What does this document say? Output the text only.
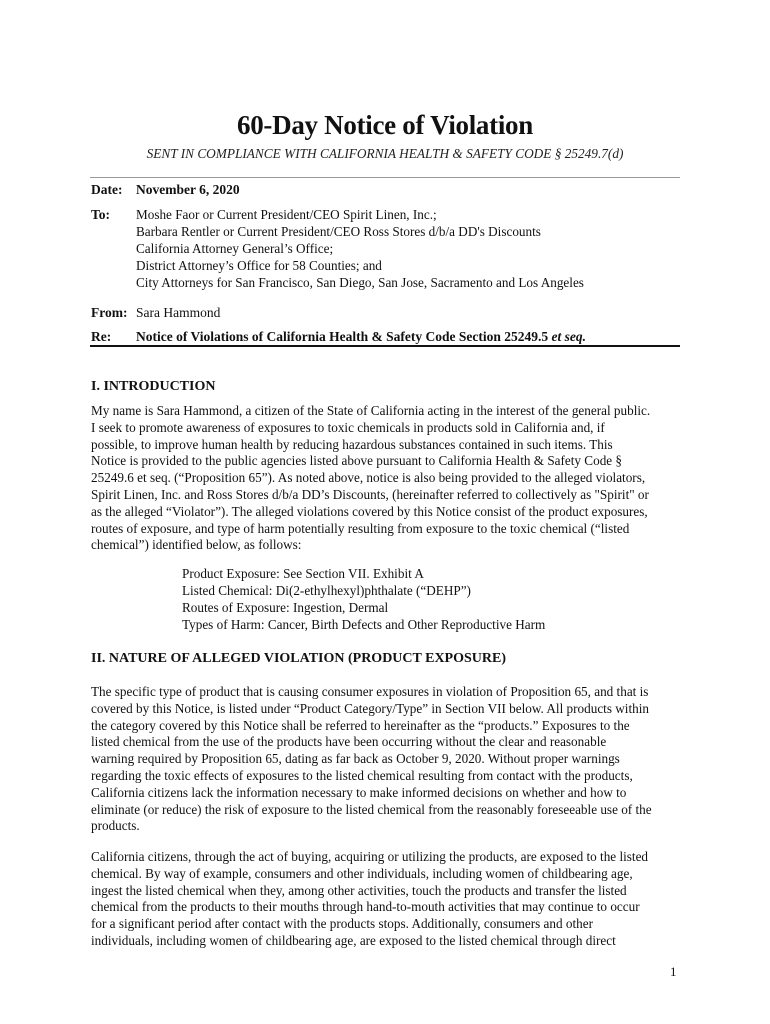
60-Day Notice of Violation
SENT IN COMPLIANCE WITH CALIFORNIA HEALTH & SAFETY CODE § 25249.7(d)
Date:	November 6, 2020
To:	Moshe Faor or Current President/CEO Spirit Linen, Inc.;
Barbara Rentler or Current President/CEO Ross Stores d/b/a DD's Discounts
California Attorney General’s Office;
District Attorney’s Office for 58 Counties; and
City Attorneys for San Francisco, San Diego, San Jose, Sacramento and Los Angeles
From: Sara Hammond
Re:	Notice of Violations of California Health & Safety Code Section 25249.5 et seq.
I. INTRODUCTION
My name is Sara Hammond, a citizen of the State of California acting in the interest of the general public.
I seek to promote awareness of exposures to toxic chemicals in products sold in California and, if
possible, to improve human health by reducing hazardous substances contained in such items. This
Notice is provided to the public agencies listed above pursuant to California Health & Safety Code §
25249.6 et seq. (“Proposition 65”). As noted above, notice is also being provided to the alleged violators,
Spirit Linen, Inc. and Ross Stores d/b/a DD’s Discounts, (hereinafter referred to collectively as "Spirit" or
as the alleged “Violator”). The alleged violations covered by this Notice consist of the product exposures,
routes of exposure, and type of harm potentially resulting from exposure to the toxic chemical (“listed
chemical”) identified below, as follows:
Product Exposure: See Section VII. Exhibit A
Listed Chemical: Di(2-ethylhexyl)phthalate (“DEHP”)
Routes of Exposure: Ingestion, Dermal
Types of Harm: Cancer, Birth Defects and Other Reproductive Harm
II. NATURE OF ALLEGED VIOLATION (PRODUCT EXPOSURE)
The specific type of product that is causing consumer exposures in violation of Proposition 65, and that is
covered by this Notice, is listed under “Product Category/Type” in Section VII below. All products within
the category covered by this Notice shall be referred to hereinafter as the “products.” Exposures to the
listed chemical from the use of the products have been occurring without the clear and reasonable
warning required by Proposition 65, dating as far back as October 9, 2020. Without proper warnings
regarding the toxic effects of exposures to the listed chemical resulting from contact with the products,
California citizens lack the information necessary to make informed decisions on whether and how to
eliminate (or reduce) the risk of exposure to the listed chemical from the reasonably foreseeable use of the
products.
California citizens, through the act of buying, acquiring or utilizing the products, are exposed to the listed
chemical. By way of example, consumers and other individuals, including women of childbearing age,
ingest the listed chemical when they, among other activities, touch the products and transfer the listed
chemical from the products to their mouths through hand-to-mouth activities that may continue to occur
for a significant period after contact with the products stops. Additionally, consumers and other
individuals, including women of childbearing age, are exposed to the listed chemical through direct
1
